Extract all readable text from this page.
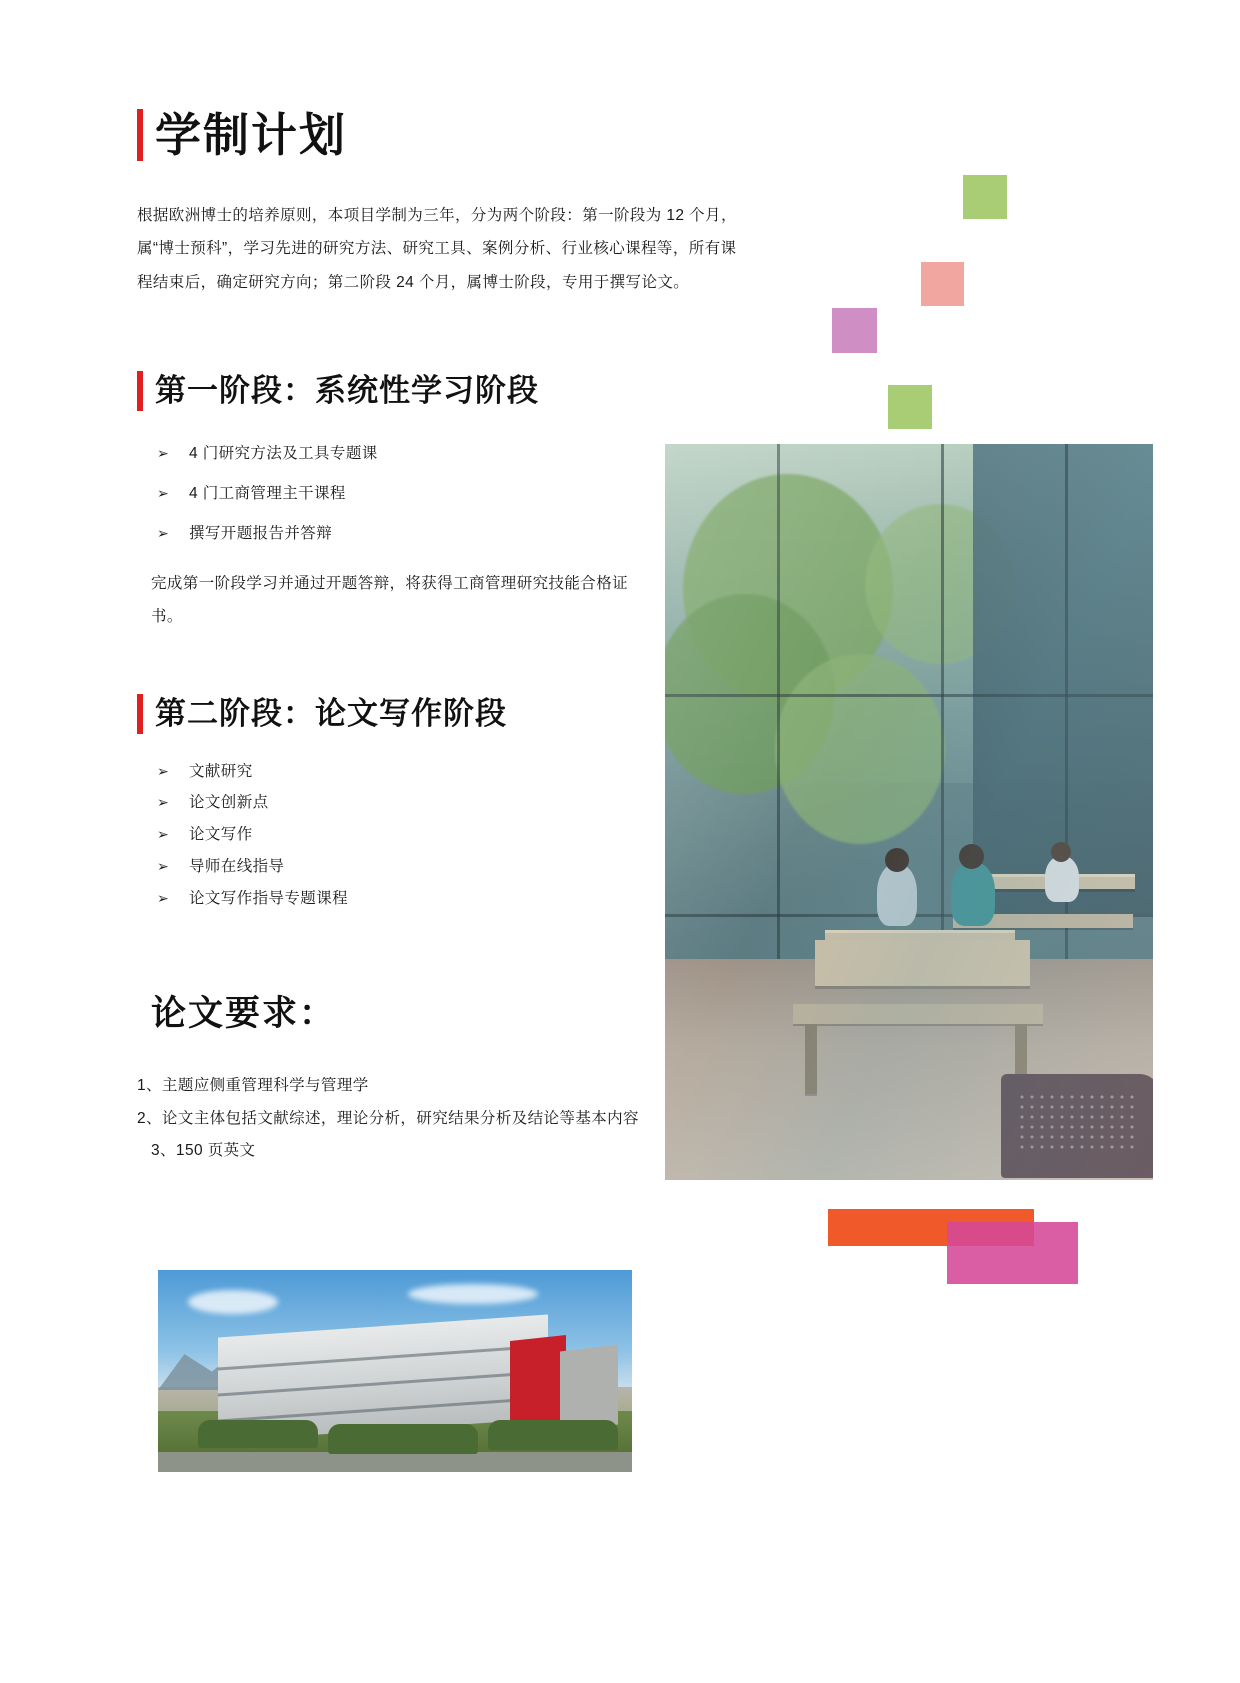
学制计划

根据欧洲博士的培养原则，本项目学制为三年，分为两个阶段：第一阶段为 12 个月，属“博士预科”，学习先进的研究方法、研究工具、案例分析、行业核心课程等，所有课程结束后，确定研究方向；第二阶段 24 个月，属博士阶段，专用于撰写论文。

第一阶段：系统性学习阶段
➢	4 门研究方法及工具专题课
➢	4 门工商管理主干课程
➢	撰写开题报告并答辩

完成第一阶段学习并通过开题答辩，将获得工商管理研究技能合格证书。

第二阶段：论文写作阶段
➢	文献研究
➢	论文创新点
➢	论文写作
➢	导师在线指导
➢	论文写作指导专题课程
论文要求：
1、主题应侧重管理科学与管理学
2、论文主体包括文献综述，理论分析，研究结果分析及结论等基本内容
3、150 页英文
